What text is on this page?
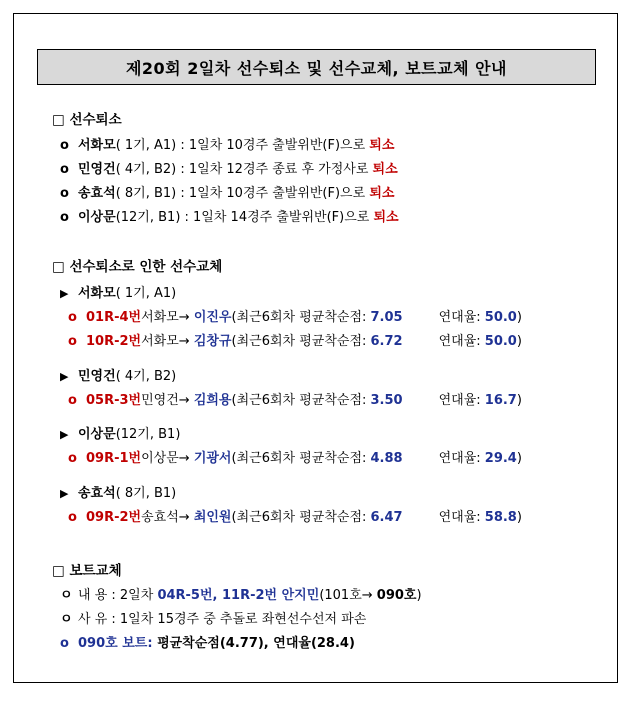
제20회 2일차 선수퇴소 및 선수교체, 보트교체 안내
□ 선수퇴소
o 서화모( 1기, A1) : 1일차 10경주 출발위반(F)으로 퇴소
o 민영건( 4기, B2) : 1일차 12경주 종료 후 가정사로 퇴소
o 송효석( 8기, B1) : 1일차 10경주 출발위반(F)으로 퇴소
o 이상문(12기, B1) : 1일차 14경주 출발위반(F)으로 퇴소
□ 선수퇴소로 인한 선수교체
▶ 서화모( 1기, A1)
o 01R-4번서화모→ 이진우(최근6회차 평균착순점: 7.05	연대율: 50.0)
o 10R-2번서화모→ 김창규(최근6회차 평균착순점: 6.72	연대율: 50.0)
▶ 민영건( 4기, B2)
o 05R-3번민영건→ 김희용(최근6회차 평균착순점: 3.50	연대율: 16.7)
▶ 이상문(12기, B1)
o 09R-1번이상문→ 기광서(최근6회차 평균착순점: 4.88	연대율: 29.4)
▶ 송효석( 8기, B1)
o 09R-2번송효석→ 최인원(최근6회차 평균착순점: 6.47	연대율: 58.8)
□ 보트교체
ㅇ 내 용 : 2일차 04R-5번, 11R-2번 안지민(101호→ 090호)
ㅇ 사 유 : 1일차 15경주 중 추돌로 좌현선수선저 파손
o 090호 보트: 평균착순점(4.77), 연대율(28.4)
